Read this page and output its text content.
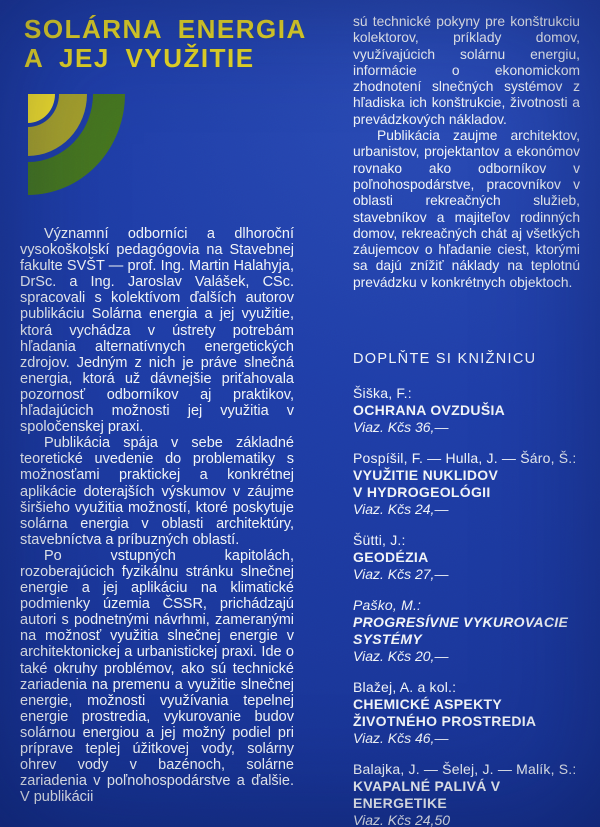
SOLÁRNA ENERGIA
A JEJ VYUŽITIE

Významní odborníci a dlhoroční vysokoškolskí pedagógovia na Stavebnej fakulte SVŠT — prof. Ing. Martin Halahyja, DrSc. a Ing. Jaroslav Valášek, CSc. spracovali s kolektívom ďalších autorov publikáciu Solárna energia a jej využitie, ktorá vychádza v ústrety potrebám hľadania alternatívnych energetických zdrojov. Jedným z nich je práve slnečná energia, ktorá už dávnejšie priťahovala pozornosť odborníkov aj praktikov, hľadajúcich možnosti jej využitia v spoločenskej praxi.

Publikácia spája v sebe základné teoretické uvedenie do problematiky s možnosťami praktickej a konkrétnej aplikácie doterajších výskumov v záujme širšieho využitia možností, ktoré poskytuje solárna energia v oblasti architektúry, stavebníctva a príbuzných oblastí.

Po vstupných kapitolách, rozoberajúcich fyzikálnu stránku slnečnej energie a jej aplikáciu na klimatické podmienky územia ČSSR, prichádzajú autori s podnetnými návrhmi, zameranými na možnosť využitia slnečnej energie v architektonickej a urbanistickej praxi. Ide o také okruhy problémov, ako sú technické zariadenia na premenu a využitie slnečnej energie, možnosti využívania tepelnej energie prostredia, vykurovanie budov solárnou energiou a jej možný podiel pri príprave teplej úžitkovej vody, solárny ohrev vody v bazénoch, solárne zariadenia v poľnohospodárstve a ďalšie. V publikácii

sú technické pokyny pre konštrukciu kolektorov, príklady domov, využívajúcich solárnu energiu, informácie o ekonomickom zhodnotení slnečných systémov z hľadiska ich konštrukcie, životnosti a prevádzkových nákladov.

Publikácia zaujme architektov, urbanistov, projektantov a ekonómov rovnako ako odborníkov v poľnohospodárstve, pracovníkov v oblasti rekreačných služieb, stavebníkov a majiteľov rodinných domov, rekreačných chát aj všetkých záujemcov o hľadanie ciest, ktorými sa dajú znížiť náklady na teplotnú prevádzku v konkrétnych objektoch.

DOPLŇTE SI KNIŽNICU
Šiška, F.:
OCHRANA OVZDUŠIA
Viaz. Kčs 36,—
Pospíšil, F. — Hulla, J. — Šáro, Š.:
VYUŽITIE NUKLIDOV
V HYDROGEOLÓGII
Viaz. Kčs 24,—
Šütti, J.:
GEODÉZIA
Viaz. Kčs 27,—
Paško, M.:
PROGRESÍVNE VYKUROVACIE
SYSTÉMY
Viaz. Kčs 20,—
Blažej, A. a kol.:
CHEMICKÉ ASPEKTY
ŽIVOTNÉHO PROSTREDIA
Viaz. Kčs 46,—
Balajka, J. — Šelej, J. — Malík, S.:
KVAPALNÉ PALIVÁ V ENERGETIKE
Viaz. Kčs 24,50
